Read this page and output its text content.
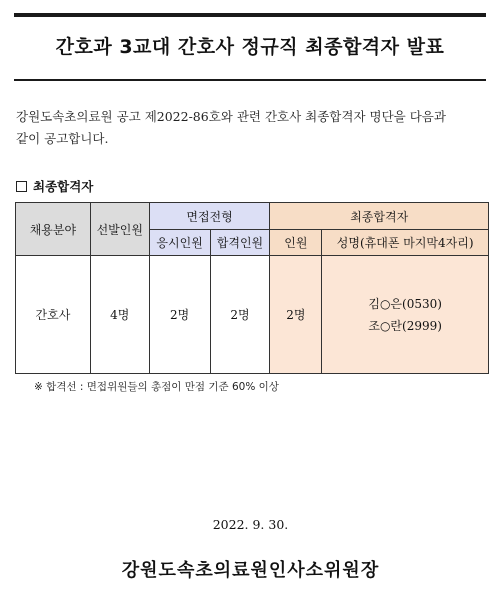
간호과 3교대 간호사 정규직 최종합격자 발표
강원도속초의료원 공고 제2022-86호와 관련 간호사 최종합격자 명단을 다음과
같이 공고합니다.
최종합격자
채용분야	선발인원	면접전형		최종합격자	
		응시인원	합격인원	인원	성명(휴대폰 마지막4자리)
간호사	4명	2명	2명	2명	김○은(0530)
조○란(2999)
※ 합격선 : 면접위원들의 총점이 만점 기준 60% 이상
2022. 9. 30.
강원도속초의료원인사소위원장
